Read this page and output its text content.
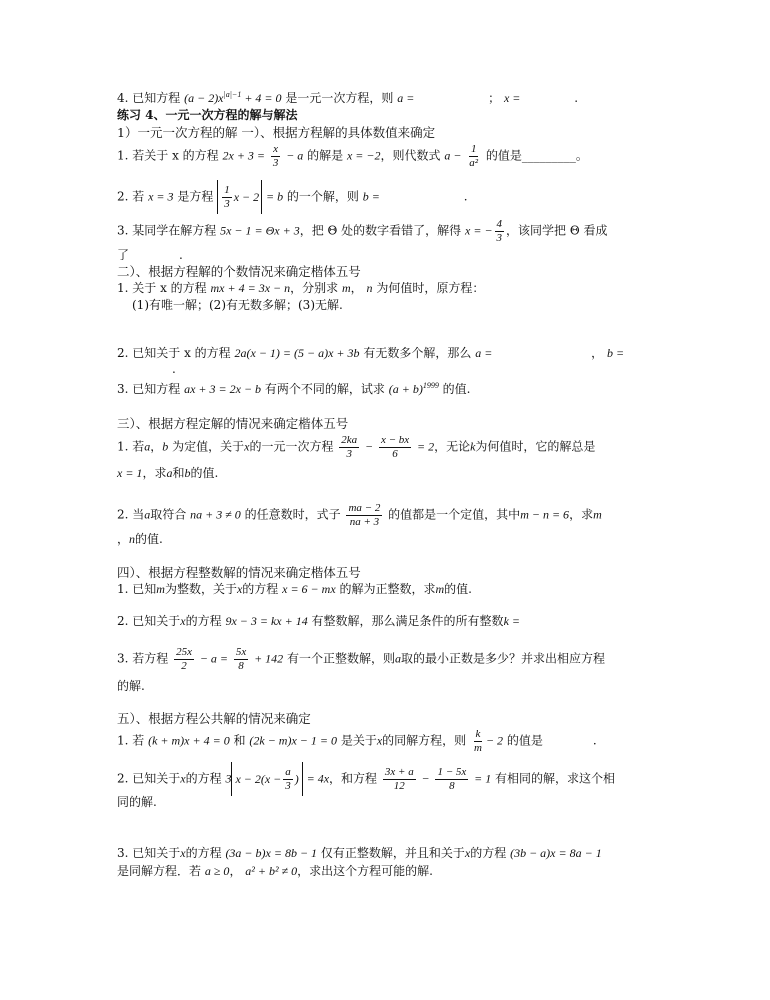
4. 已知方程 $(a - 2)x^{|a|-1} + 4 = 0$ 是一元一次方程，则 a =	； x =	.
练习 4、一元一次方程的解与解法
1）一元一次方程的解 一）、根据方程解的具体数值来确定
1. 若关于 x 的方程 $2x + 3 = \frac{x}{3} - a$ 的解是 x = −2，则代数式 $a - \frac{1}{\text{a²}}$ 的值是_________。
2. 若 x = 3 是方程 $\frac{1}{3}$ x − 2 = b 的一个解，则 b =	.
3. 某同学在解方程 5x − 1 = Θx + 3，把 Θ 处的数字看错了，解得 x = − $\frac{4}{3}$ ，该同学把 Θ 看成
了	.
二）、根据方程解的个数情况来确定楷体五号
1. 关于 x 的方程 mx + 4 = 3x − n，分别求 m， n 为何值时，原方程：
(1)有唯一解；(2)有无数多解；(3)无解.
2. 已知关于 x 的方程 2a(x − 1) = (5 − a)x + 3b 有无数多个解，那么 a =	， b =
.
3. 已知方程 ax + 3 = 2x − b 有两个不同的解，试求 $(a + b)^{1999}$ 的值.
三）、根据方程定解的情况来确定楷体五号
1. 若a，b 为定值，关于x的一元一次方程 $\frac{2ka}{3} - \frac{x - bx}{6} = 2$，无论k为何值时，它的解总是
x = 1，求a和b的值.
2. 当a取符合 na + 3 ≠ 0 的任意数时，式子 $\frac{ma - 2}{na + 3}$ 的值都是一个定值，其中m − n = 6，求m
，n的值.
四）、根据方程整数解的情况来确定楷体五号
1. 已知m为整数，关于x的方程 x = 6 − mx 的解为正整数，求m的值.
2. 已知关于x的方程 9x − 3 = kx + 14 有整数解，那么满足条件的所有整数k =
3. 若方程 $\frac{25x}{2} - a = \frac{5x}{8} + 142$ 有一个正整数解，则a取的最小正数是多少？并求出相应方程
的解.
五）、根据方程公共解的情况来确定
1. 若 (k + m)x + 4 = 0 和 (2k − m)x − 1 = 0 是关于x的同解方程，则 $\frac{k}{m} - 2$ 的值是	.
2. 已知关于x的方程 3 $x - 2(x - \frac{a}{3}$ ) = 4x，和方程 $\frac{3x + a}{12} - \frac{1 - 5x}{8} = 1$ 有相同的解，求这个相
同的解.
3. 已知关于x的方程 (3a − b)x = 8b − 1 仅有正整数解，并且和关于x的方程 (3b − a)x = 8a − 1
是同解方程．若 a ≥ 0， a² + b² ≠ 0，求出这个方程可能的解.
